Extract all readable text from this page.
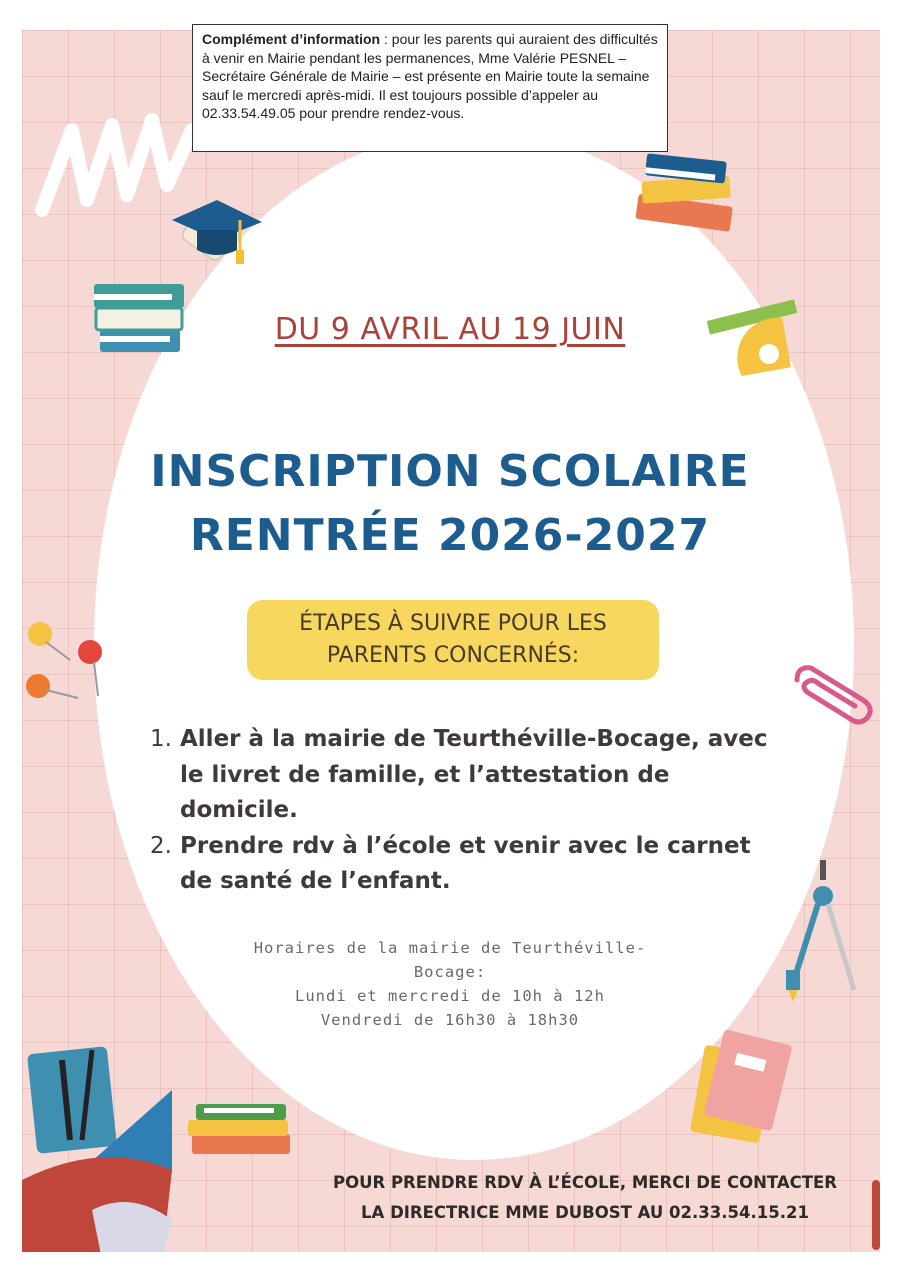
Complément d’information : pour les parents qui auraient des difficultés à venir en Mairie pendant les permanences, Mme Valérie PESNEL – Secrétaire Générale de Mairie – est présente en Mairie toute la semaine sauf le mercredi après-midi. Il est toujours possible d’appeler au 02.33.54.49.05 pour prendre rendez-vous.
DU 9 AVRIL AU 19 JUIN
INSCRIPTION SCOLAIRE
RENTRÉE 2026-2027
ÉTAPES À SUIVRE POUR LES
PARENTS CONCERNÉS:
1. Aller à la mairie de Teurthéville-Bocage, avec le livret de famille, et l’attestation de domicile.
2. Prendre rdv à l’école et venir avec le carnet de santé de l’enfant.
Horaires de la mairie de Teurthéville-Bocage:
Lundi et mercredi de 10h à 12h
Vendredi de 16h30 à 18h30
POUR PRENDRE RDV À L’ÉCOLE, MERCI DE CONTACTER
LA DIRECTRICE MME DUBOST AU 02.33.54.15.21
